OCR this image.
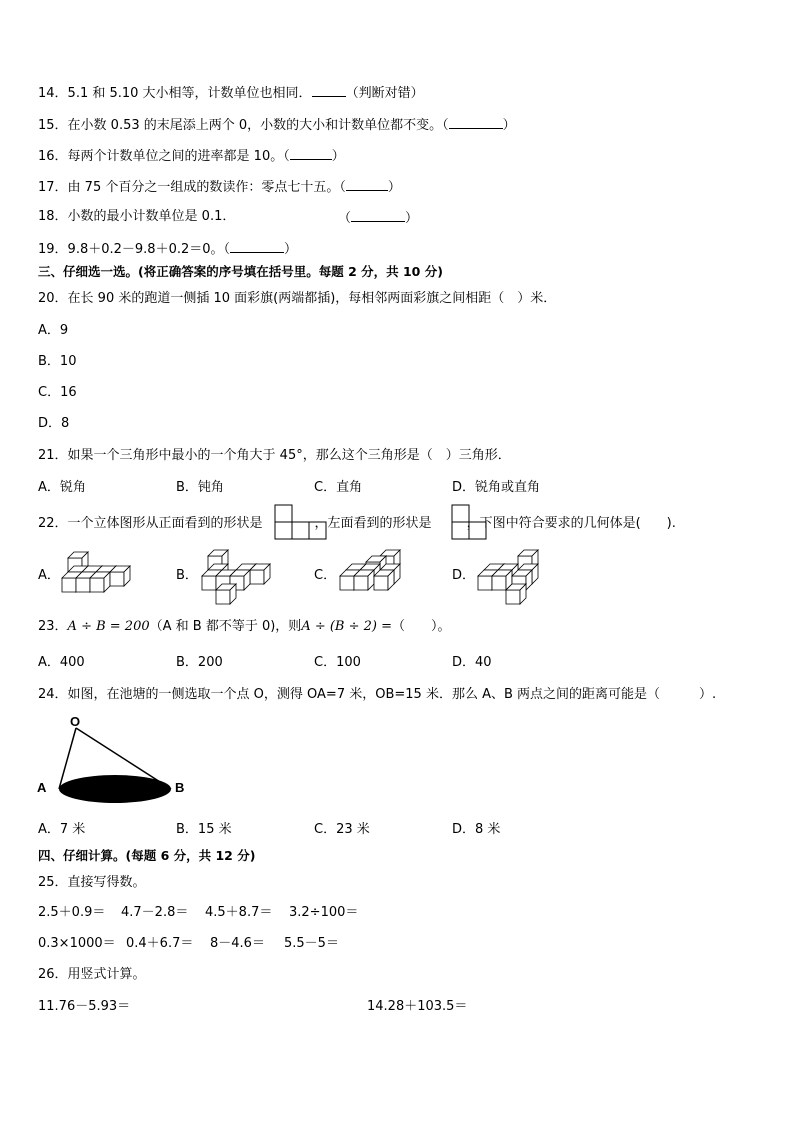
14．5.1 和 5.10 大小相等，计数单位也相同．	（判断对错）
15．在小数 0.53 的末尾添上两个 0，小数的大小和计数单位都不变。（	）
16．每两个计数单位之间的进率都是 10。（	）
17．由 75 个百分之一组成的数读作：零点七十五。（	）
18．小数的最小计数单位是 0.1．	（	）
19．9.8＋0.2－9.8＋0.2＝0。（	）
三、仔细选一选。(将正确答案的序号填在括号里。每题 2 分，共 10 分)
20．在长 90 米的跑道一侧插 10 面彩旗(两端都插)，每相邻两面彩旗之间相距（　）米．
A．9
B．10
C．16
D．8
21．如果一个三角形中最小的一个角大于 45°，那么这个三角形是（　）三角形．
A．锐角	B．钝角	C．直角	D．锐角或直角
22．一个立体图形从正面看到的形状是	，左面看到的形状是	，下图中符合要求的几何体是(　　).
A．	B．	C．	D．
23．A ÷ B = 200（A 和 B 都不等于 0)，则A ÷ (B ÷ 2) =（　　）。
A．400	B．200	C．100	D．40
24．如图，在池塘的一侧选取一个点 O，测得 OA=7 米，OB=15 米．那么 A、B 两点之间的距离可能是（　　　）.
O
A	B
A．7 米	B．15 米	C．23 米	D．8 米
四、仔细计算。(每题 6 分，共 12 分)
25．直接写得数。
2.5＋0.9＝ 4.7－2.8＝ 4.5＋8.7＝ 3.2÷100＝
0.3×1000＝ 0.4＋6.7＝ 8－4.6＝ 5.5－5＝
26．用竖式计算。
11.76－5.93＝	14.28＋103.5＝
